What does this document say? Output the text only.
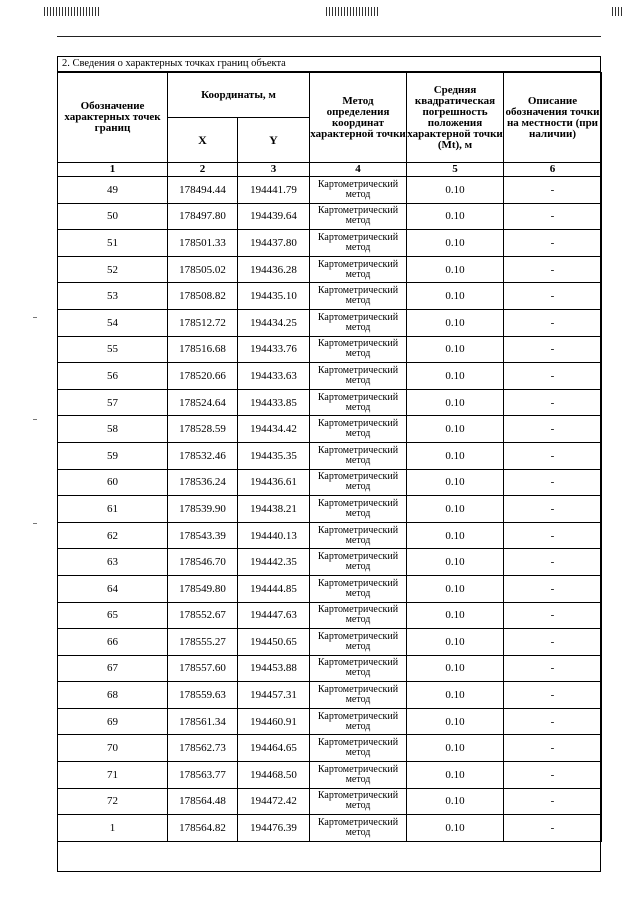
2. Сведения о характерных точках границ объекта
Обозначение характерных точек границ	Координаты, м		Метод определения координат характерной точки	Средняя квадратическая погрешность положения характерной точки (Mt), м	Описание обозначения точки на местности (при наличии)
	X	Y			
1	2	3	4	5	6
49	178494.44	194441.79	Картометрический метод	0.10	-
50	178497.80	194439.64	Картометрический метод	0.10	-
51	178501.33	194437.80	Картометрический метод	0.10	-
52	178505.02	194436.28	Картометрический метод	0.10	-
53	178508.82	194435.10	Картометрический метод	0.10	-
54	178512.72	194434.25	Картометрический метод	0.10	-
55	178516.68	194433.76	Картометрический метод	0.10	-
56	178520.66	194433.63	Картометрический метод	0.10	-
57	178524.64	194433.85	Картометрический метод	0.10	-
58	178528.59	194434.42	Картометрический метод	0.10	-
59	178532.46	194435.35	Картометрический метод	0.10	-
60	178536.24	194436.61	Картометрический метод	0.10	-
61	178539.90	194438.21	Картометрический метод	0.10	-
62	178543.39	194440.13	Картометрический метод	0.10	-
63	178546.70	194442.35	Картометрический метод	0.10	-
64	178549.80	194444.85	Картометрический метод	0.10	-
65	178552.67	194447.63	Картометрический метод	0.10	-
66	178555.27	194450.65	Картометрический метод	0.10	-
67	178557.60	194453.88	Картометрический метод	0.10	-
68	178559.63	194457.31	Картометрический метод	0.10	-
69	178561.34	194460.91	Картометрический метод	0.10	-
70	178562.73	194464.65	Картометрический метод	0.10	-
71	178563.77	194468.50	Картометрический метод	0.10	-
72	178564.48	194472.42	Картометрический метод	0.10	-
1	178564.82	194476.39	Картометрический метод	0.10	-
